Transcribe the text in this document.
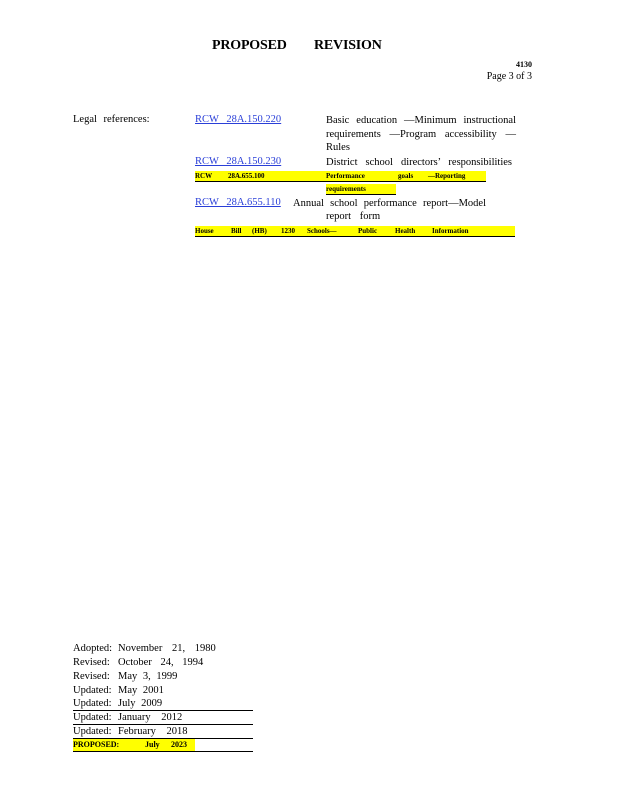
PROPOSED REVISION
4130
Page 3 of 3
Legal references:	RCW 28A.150.220	Basic education —Minimum instructional
requirements —Program accessibility —
Rules
RCW 28A.150.230	District school directors’ responsibilities
RCW 28A.655.100	Performance	goals —Reporting
requirements
RCW 28A.655.110	Annual school performance report—Model
report form
House Bill (HB) 1230 Schools—	Public	Health Information
Adopted: November 21, 1980
Revised: October 24, 1994
Revised: May 3, 1999
Updated: May 2001
Updated: July 2009
Updated: January 2012
Updated: February 2018
PROPOSED:	July 2023
